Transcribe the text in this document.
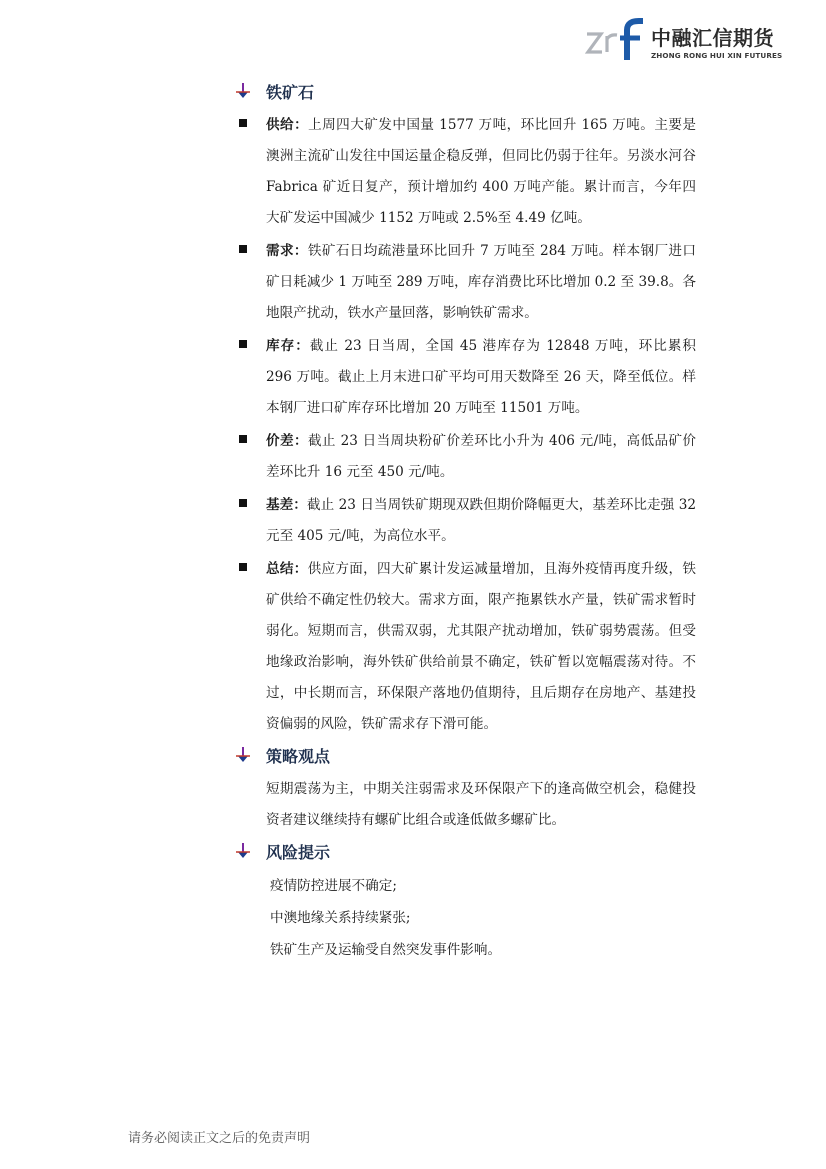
中融汇信期货
ZHONG RONG HUI XIN FUTURES
铁矿石

供给：上周四大矿发中国量 1577 万吨，环比回升 165 万吨。主要是澳洲主流矿山发往中国运量企稳反弹，但同比仍弱于往年。另淡水河谷 Fabrica 矿近日复产，预计增加约 400 万吨产能。累计而言，今年四大矿发运中国减少 1152 万吨或 2.5%至 4.49 亿吨。

需求：铁矿石日均疏港量环比回升 7 万吨至 284 万吨。样本钢厂进口矿日耗减少 1 万吨至 289 万吨，库存消费比环比增加 0.2 至 39.8。各地限产扰动，铁水产量回落，影响铁矿需求。

库存：截止 23 日当周，全国 45 港库存为 12848 万吨，环比累积 296 万吨。截止上月末进口矿平均可用天数降至 26 天，降至低位。样本钢厂进口矿库存环比增加 20 万吨至 11501 万吨。

价差：截止 23 日当周块粉矿价差环比小升为 406 元/吨，高低品矿价差环比升 16 元至 450 元/吨。

基差：截止 23 日当周铁矿期现双跌但期价降幅更大，基差环比走强 32 元至 405 元/吨，为高位水平。

总结：供应方面，四大矿累计发运减量增加，且海外疫情再度升级，铁矿供给不确定性仍较大。需求方面，限产拖累铁水产量，铁矿需求暂时弱化。短期而言，供需双弱，尤其限产扰动增加，铁矿弱势震荡。但受地缘政治影响，海外铁矿供给前景不确定，铁矿暂以宽幅震荡对待。不过，中长期而言，环保限产落地仍值期待，且后期存在房地产、基建投资偏弱的风险，铁矿需求存下滑可能。

策略观点

短期震荡为主，中期关注弱需求及环保限产下的逢高做空机会，稳健投资者建议继续持有螺矿比组合或逢低做多螺矿比。

风险提示
疫情防控进展不确定;
中澳地缘关系持续紧张;
铁矿生产及运输受自然突发事件影响。
请务必阅读正文之后的免责声明
